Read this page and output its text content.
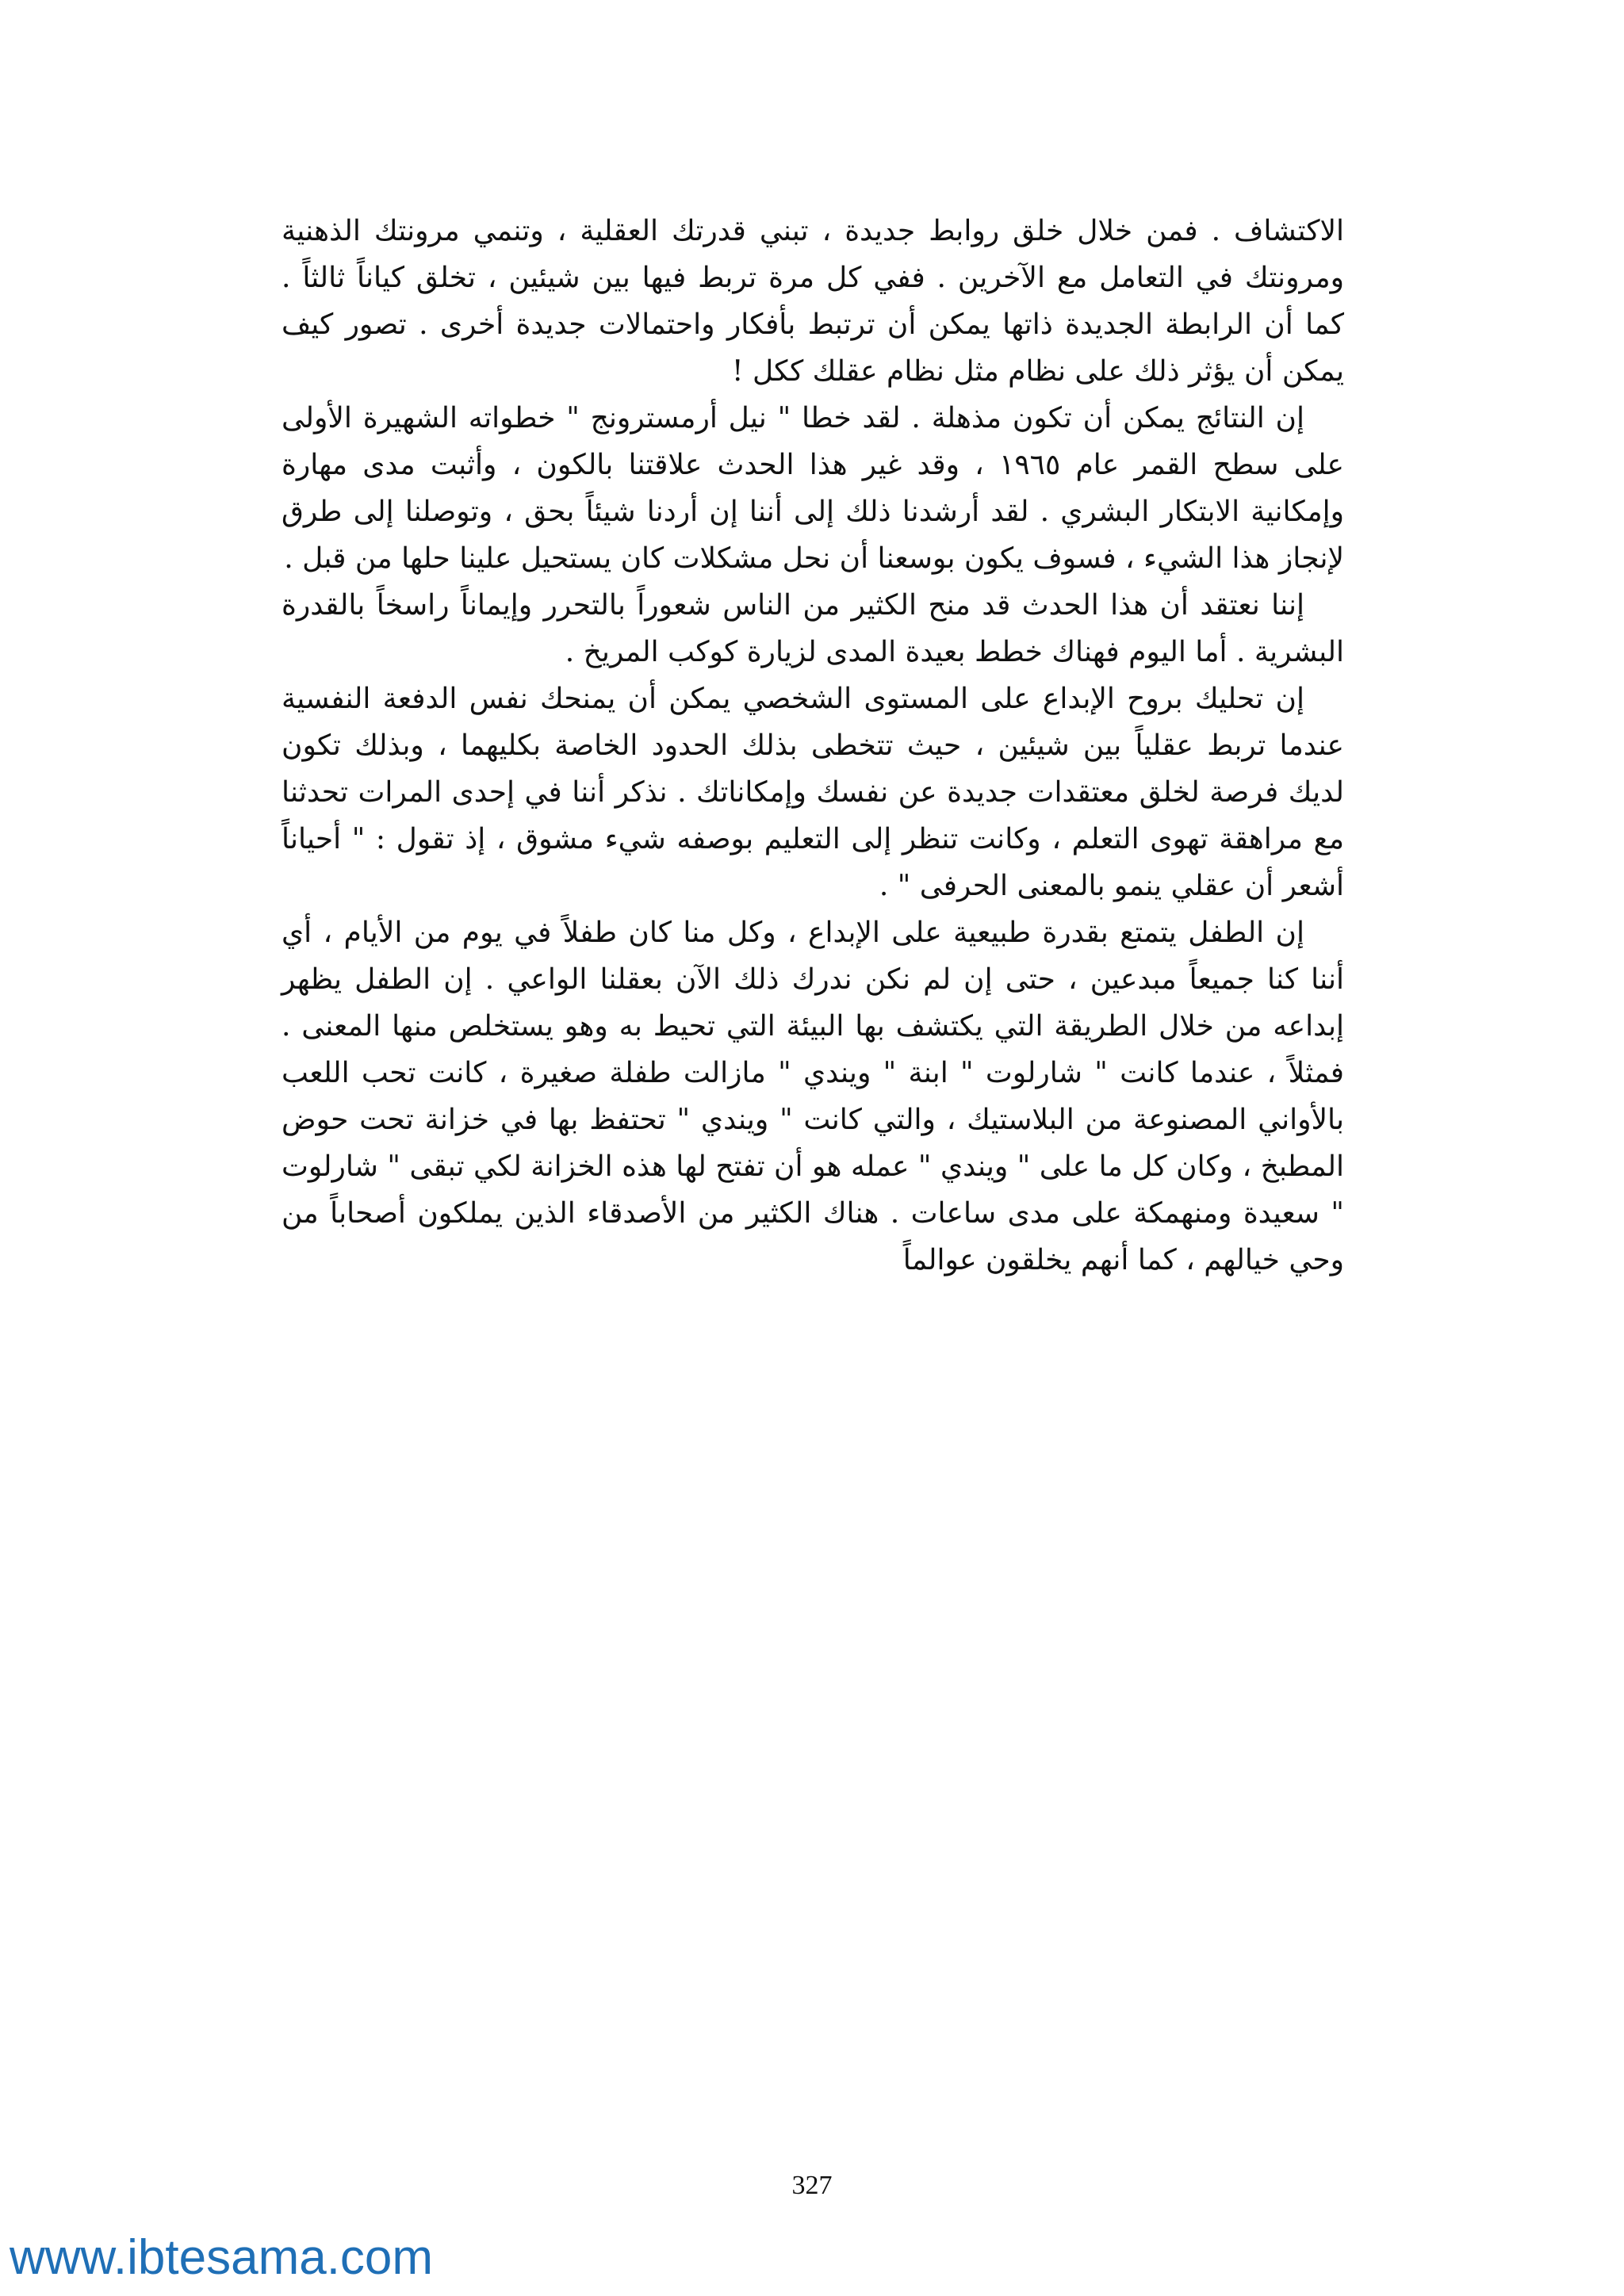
الاكتشاف . فمن خلال خلق روابط جديدة ، تبني قدرتك العقلية ، وتنمي مرونتك الذهنية ومرونتك في التعامل مع الآخرين . ففي كل مرة تربط فيها بين شيئين ، تخلق كياناً ثالثاً . كما أن الرابطة الجديدة ذاتها يمكن أن ترتبط بأفكار واحتمالات جديدة أخرى . تصور كيف يمكن أن يؤثر ذلك على نظام مثل نظام عقلك ككل !

إن النتائج يمكن أن تكون مذهلة . لقد خطا " نيل أرمسترونج " خطواته الشهيرة الأولى على سطح القمر عام ١٩٦٥ ، وقد غير هذا الحدث علاقتنا بالكون ، وأثبت مدى مهارة وإمكانية الابتكار البشري . لقد أرشدنا ذلك إلى أننا إن أردنا شيئاً بحق ، وتوصلنا إلى طرق لإنجاز هذا الشيء ، فسوف يكون بوسعنا أن نحل مشكلات كان يستحيل علينا حلها من قبل .

إننا نعتقد أن هذا الحدث قد منح الكثير من الناس شعوراً بالتحرر وإيماناً راسخاً بالقدرة البشرية . أما اليوم فهناك خطط بعيدة المدى لزيارة كوكب المريخ .

إن تحليك بروح الإبداع على المستوى الشخصي يمكن أن يمنحك نفس الدفعة النفسية عندما تربط عقلياً بين شيئين ، حيث تتخطى بذلك الحدود الخاصة بكليهما ، وبذلك تكون لديك فرصة لخلق معتقدات جديدة عن نفسك وإمكاناتك . نذكر أننا في إحدى المرات تحدثنا مع مراهقة تهوى التعلم ، وكانت تنظر إلى التعليم بوصفه شيء مشوق ، إذ تقول : " أحياناً أشعر أن عقلي ينمو بالمعنى الحرفى " .

إن الطفل يتمتع بقدرة طبيعية على الإبداع ، وكل منا كان طفلاً في يوم من الأيام ، أي أننا كنا جميعاً مبدعين ، حتى إن لم نكن ندرك ذلك الآن بعقلنا الواعي . إن الطفل يظهر إبداعه من خلال الطريقة التي يكتشف بها البيئة التي تحيط به وهو يستخلص منها المعنى . فمثلاً ، عندما كانت " شارلوت " ابنة " ويندي " مازالت طفلة صغيرة ، كانت تحب اللعب بالأواني المصنوعة من البلاستيك ، والتي كانت " ويندي " تحتفظ بها في خزانة تحت حوض المطبخ ، وكان كل ما على " ويندي " عمله هو أن تفتح لها هذه الخزانة لكي تبقى " شارلوت " سعيدة ومنهمكة على مدى ساعات . هناك الكثير من الأصدقاء الذين يملكون أصحاباً من وحي خيالهم ، كما أنهم يخلقون عوالماً

327
www.ibtesama.com
